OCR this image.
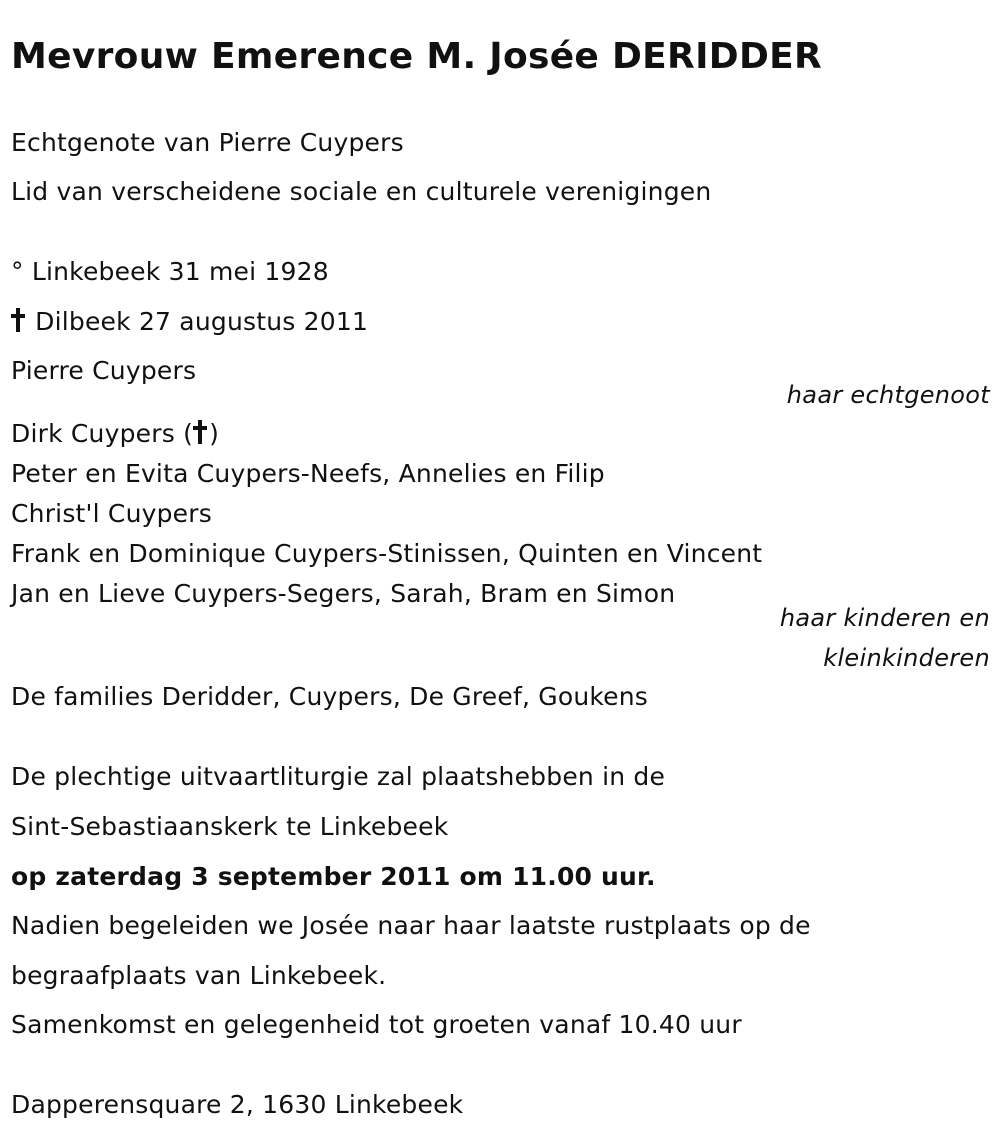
Mevrouw Emerence M. Josée DERIDDER
Echtgenote van Pierre Cuypers
Lid van verscheidene sociale en culturele verenigingen
° Linkebeek 31 mei 1928
Dilbeek 27 augustus 2011
Pierre Cuypers
haar echtgenoot
Dirk Cuypers ( )
Peter en Evita Cuypers-Neefs, Annelies en Filip
Christ'l Cuypers
Frank en Dominique Cuypers-Stinissen, Quinten en Vincent
Jan en Lieve Cuypers-Segers, Sarah, Bram en Simon
haar kinderen en
kleinkinderen
De families Deridder, Cuypers, De Greef, Goukens
De plechtige uitvaartliturgie zal plaatshebben in de
Sint-Sebastiaanskerk te Linkebeek
op zaterdag 3 september 2011 om 11.00 uur.
Nadien begeleiden we Josée naar haar laatste rustplaats op de
begraafplaats van Linkebeek.
Samenkomst en gelegenheid tot groeten vanaf 10.40 uur
Dapperensquare 2, 1630 Linkebeek
